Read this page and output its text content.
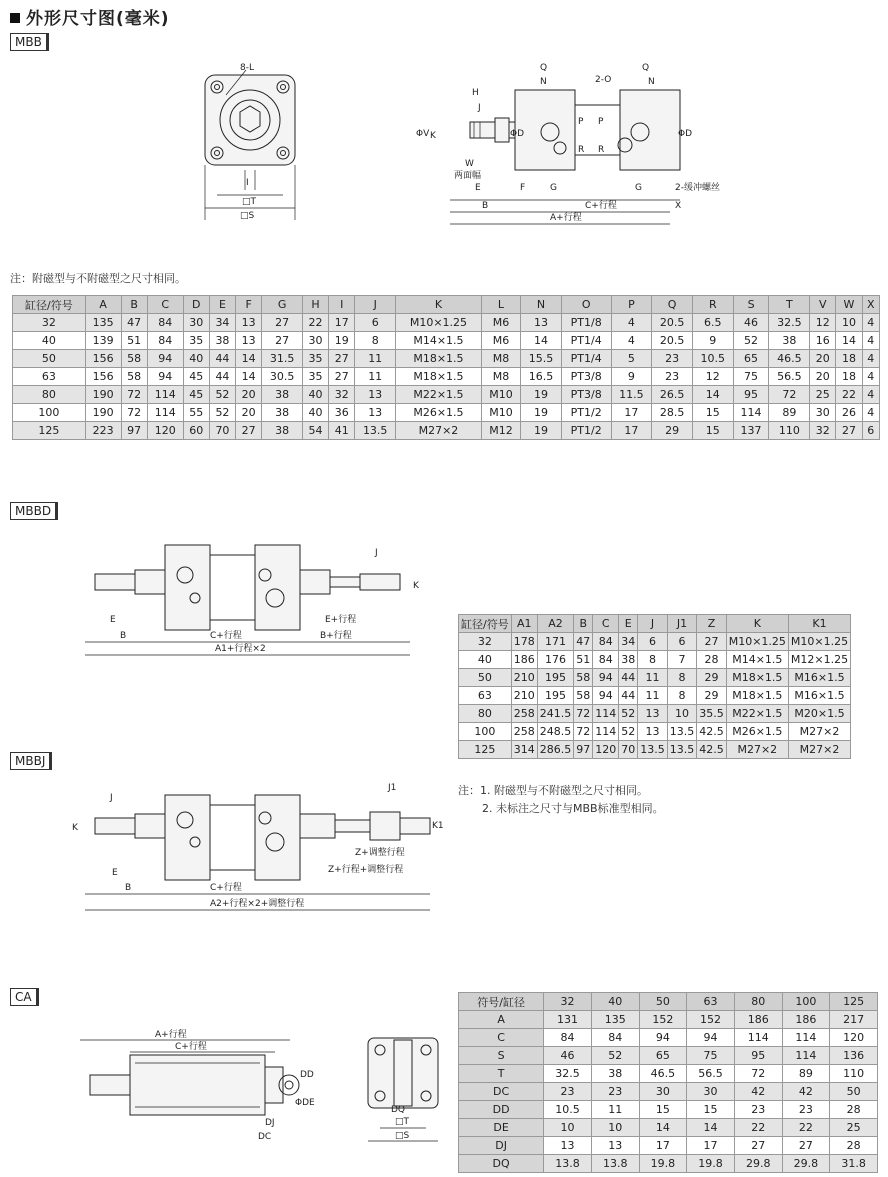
外形尺寸图(毫米)
MBB
MBBD
MBBJ
CA
8-L
I
□T
□S
H
J
Q
N	2-O
Q
N
ΦV K	ΦD
P
R
P
R
ΦD
W
两面幅
E	F	G	G	2-缓冲螺丝
B	C+行程	X
A+行程
注：附磁型与不附磁型之尺寸相同。
缸径/符号	A	B	C	D	E	F	G	H	I	J	K	L	N	O	P	Q	R	S	T	V	W	X
32	135	47	84	30	34	13	27	22	17	6	M10×1.25	M6	13	PT1/8	4	20.5	6.5	46	32.5	12	10	4
40	139	51	84	35	38	13	27	30	19	8	M14×1.5	M6	14	PT1/4	4	20.5	9	52	38	16	14	4
50	156	58	94	40	44	14	31.5	35	27	11	M18×1.5	M8	15.5	PT1/4	5	23	10.5	65	46.5	20	18	4
63	156	58	94	45	44	14	30.5	35	27	11	M18×1.5	M8	16.5	PT3/8	9	23	12	75	56.5	20	18	4
80	190	72	114	45	52	20	38	40	32	13	M22×1.5	M10	19	PT3/8	11.5	26.5	14	95	72	25	22	4
100	190	72	114	55	52	20	38	40	36	13	M26×1.5	M10	19	PT1/2	17	28.5	15	114	89	30	26	4
125	223	97	120	60	70	27	38	54	41	13.5	M27×2	M12	19	PT1/2	17	29	15	137	110	32	27	6
J
K
E
B	C+行程
E+行程
B+行程
A1+行程×2
缸径/符号	A1	A2	B	C	E	J	J1	Z	K	K1
32	178	171	47	84	34	6	6	27	M10×1.25	M10×1.25
40	186	176	51	84	38	8	7	28	M14×1.5	M12×1.25
50	210	195	58	94	44	11	8	29	M18×1.5	M16×1.5
63	210	195	58	94	44	11	8	29	M18×1.5	M16×1.5
80	258	241.5	72	114	52	13	10	35.5	M22×1.5	M20×1.5
100	258	248.5	72	114	52	13	13.5	42.5	M26×1.5	M27×2
125	314	286.5	97	120	70	13.5	13.5	42.5	M27×2	M27×2
注：1. 附磁型与不附磁型之尺寸相同。
2. 未标注之尺寸与MBB标准型相同。
J
K
J1
K1
Z+调整行程
Z+行程+调整行程
E
B	C+行程
A2+行程×2+调整行程
A+行程
C+行程
DD
ΦDE
DJ
DC
DQ
□T
□S
符号/缸径	32	40	50	63	80	100	125
A	131	135	152	152	186	186	217
C	84	84	94	94	114	114	120
S	46	52	65	75	95	114	136
T	32.5	38	46.5	56.5	72	89	110
DC	23	23	30	30	42	42	50
DD	10.5	11	15	15	23	23	28
DE	10	10	14	14	22	22	25
DJ	13	13	17	17	27	27	28
DQ	13.8	13.8	19.8	19.8	29.8	29.8	31.8
